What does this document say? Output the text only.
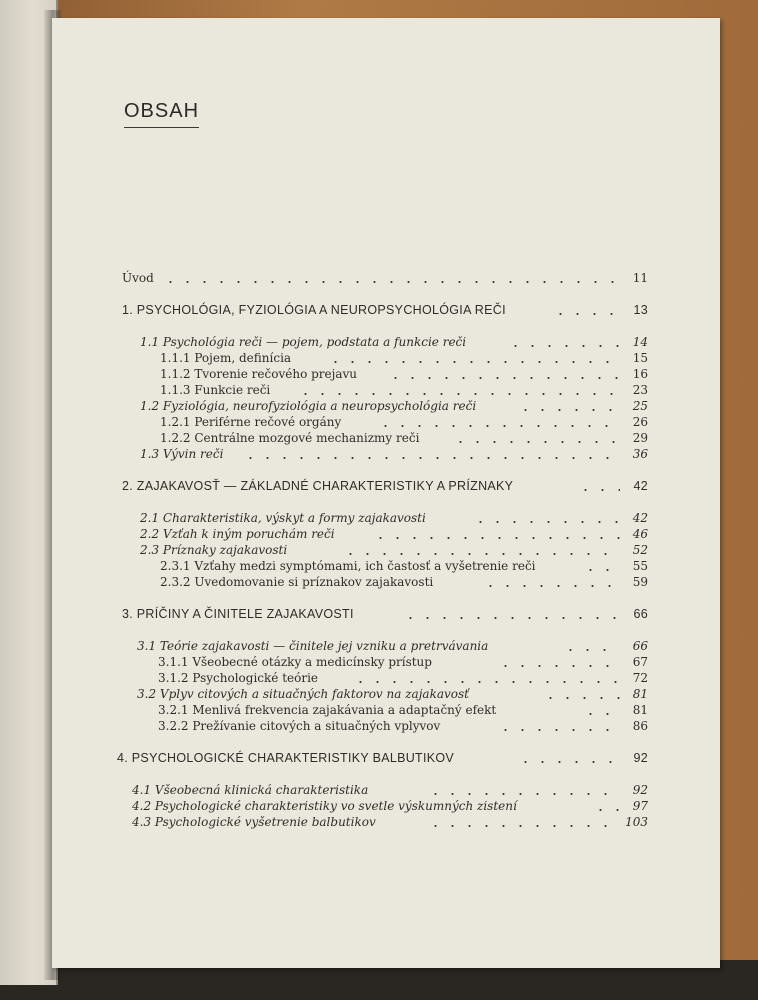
OBSAH
Úvod	11
1. PSYCHOLÓGIA, FYZIOLÓGIA A NEUROPSYCHOLÓGIA REČI	13
1.1 Psychológia reči — pojem, podstata a funkcie reči	14
1.1.1 Pojem, definícia	15
1.1.2 Tvorenie rečového prejavu	16
1.1.3 Funkcie reči	23
1.2 Fyziológia, neurofyziológia a neuropsychológia reči	25
1.2.1 Periférne rečové orgány	26
1.2.2 Centrálne mozgové mechanizmy reči	29
1.3 Vývin reči	36
2. ZAJAKAVOSŤ — ZÁKLADNÉ CHARAKTERISTIKY A PRÍZNAKY	42
2.1 Charakteristika, výskyt a formy zajakavosti	42
2.2 Vzťah k iným poruchám reči	46
2.3 Príznaky zajakavosti	52
2.3.1 Vzťahy medzi symptómami, ich častosť a vyšetrenie reči	55
2.3.2 Uvedomovanie si príznakov zajakavosti	59
3. PRÍČINY A ČINITELE ZAJAKAVOSTI	66
3.1 Teórie zajakavosti — činitele jej vzniku a pretrvávania	66
3.1.1 Všeobecné otázky a medicínsky prístup	67
3.1.2 Psychologické teórie	72
3.2 Vplyv citových a situačných faktorov na zajakavosť	81
3.2.1 Menlivá frekvencia zajakávania a adaptačný efekt	81
3.2.2 Prežívanie citových a situačných vplyvov	86
4. PSYCHOLOGICKÉ CHARAKTERISTIKY BALBUTIKOV	92
4.1 Všeobecná klinická charakteristika	92
4.2 Psychologické charakteristiky vo svetle výskumných zistení	97
4.3 Psychologické vyšetrenie balbutikov	103
